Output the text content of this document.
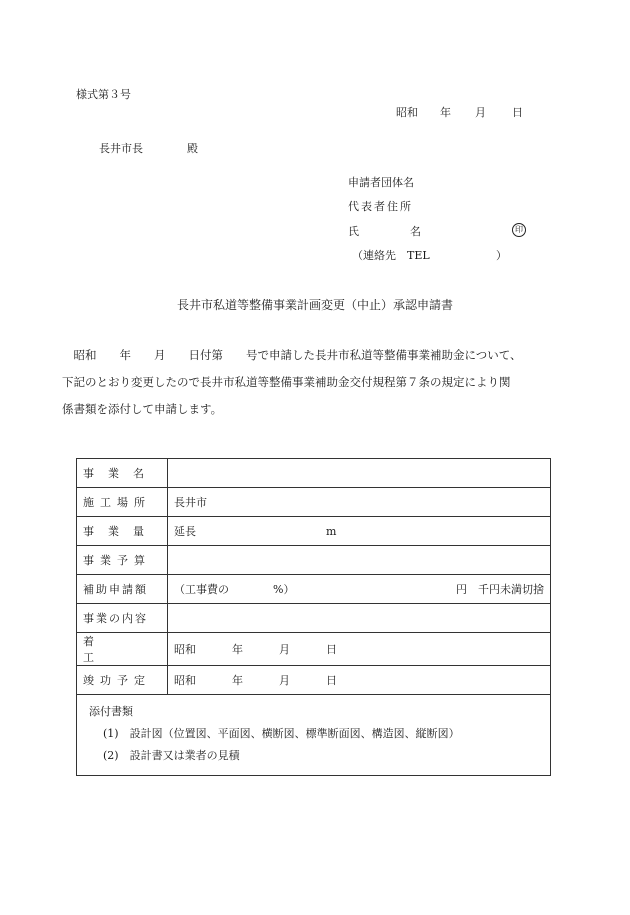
様式第３号
昭和 年 月 日
長井市長	殿
申請者団体名
代表者住所
氏	名	印
（連絡先　TEL	）
長井市私道等整備事業計画変更（中止）承認申請書
　昭和　　年　　月　　日付第　　号で申請した長井市私道等整備事業補助金について、
下記のとおり変更したので長井市私道等整備事業補助金交付規程第７条の規定により関
係書類を添付して申請します。
事業名	
施工場所	長井市
事業量	延長 m
事業予算	
補助申請額	（工事費の　　　　%） 円　千円未満切捨

事業の内容	
着工	昭和 年 月 日
竣功予定	昭和 年 月 日

添付書類
(1)　設計図（位置図、平面図、横断図、標準断面図、構造図、縦断図）
(2)　設計書又は業者の見積	
